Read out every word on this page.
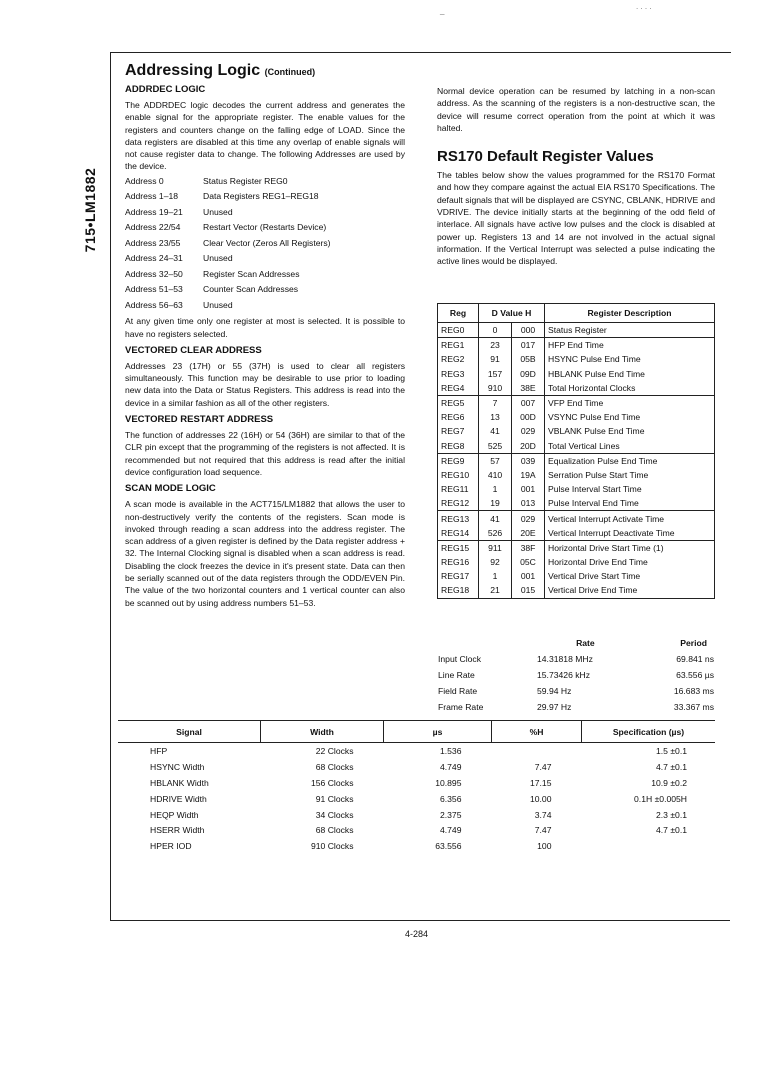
_	. . . .
715•LM1882
Addressing Logic (Continued)

ADDRDEC LOGIC

The ADDRDEC logic decodes the current address and generates the enable signal for the appropriate register. The enable values for the registers and counters change on the falling edge of LOAD. Since the data registers are disabled at this time any overlap of enable signals will not cause register data to change. The following Addresses are used by the device.

Address 0	Status Register REG0
Address 1–18	Data Registers REG1–REG18
Address 19–21	Unused
Address 22/54	Restart Vector (Restarts Device)
Address 23/55	Clear Vector (Zeros All Registers)
Address 24–31	Unused
Address 32–50	Register Scan Addresses
Address 51–53	Counter Scan Addresses
Address 56–63	Unused

At any given time only one register at most is selected. It is possible to have no registers selected.

VECTORED CLEAR ADDRESS

Addresses 23 (17H) or 55 (37H) is used to clear all registers simultaneously. This function may be desirable to use prior to loading new data into the Data or Status Registers. This address is read into the device in a similar fashion as all of the other registers.

VECTORED RESTART ADDRESS

The function of addresses 22 (16H) or 54 (36H) are similar to that of the CLR pin except that the programming of the registers is not affected. It is recommended but not required that this address is read after the initial device configuration load sequence.

SCAN MODE LOGIC

A scan mode is available in the ACT715/LM1882 that allows the user to non-destructively verify the contents of the registers. Scan mode is invoked through reading a scan address into the address register. The scan address of a given register is defined by the Data register address + 32. The Internal Clocking signal is disabled when a scan address is read. Disabling the clock freezes the device in it's present state. Data can then be serially scanned out of the data registers through the ODD/EVEN Pin. The value of the two horizontal counters and 1 vertical counter can also be scanned out by using address numbers 51–53.

Normal device operation can be resumed by latching in a non-scan address. As the scanning of the registers is a non-destructive scan, the device will resume correct operation from the point at which it was halted.

RS170 Default Register Values

The tables below show the values programmed for the RS170 Format and how they compare against the actual EIA RS170 Specifications. The default signals that will be displayed are CSYNC, CBLANK, HDRIVE and VDRIVE. The device initially starts at the beginning of the odd field of interlace. All signals have active low pulses and the clock is disabled at power up. Registers 13 and 14 are not involved in the actual signal information. If the Vertical Interrupt was selected a pulse indicating the active lines would be displayed.

Reg	D Value H		Register Description
REG0	0	000	Status Register
REG1	23	017	HFP End Time
REG2	91	05B	HSYNC Pulse End Time
REG3	157	09D	HBLANK Pulse End Time
REG4	910	38E	Total Horizontal Clocks
REG5	7	007	VFP End Time
REG6	13	00D	VSYNC Pulse End Time
REG7	41	029	VBLANK Pulse End Time
REG8	525	20D	Total Vertical Lines
REG9	57	039	Equalization Pulse End Time
REG10	410	19A	Serration Pulse Start Time
REG11	1	001	Pulse Interval Start Time
REG12	19	013	Pulse Interval End Time
REG13	41	029	Vertical Interrupt Activate Time
REG14	526	20E	Vertical Interrupt Deactivate Time
REG15	911	38F	Horizontal Drive Start Time (1)
REG16	92	05C	Horizontal Drive End Time
REG17	1	001	Vertical Drive Start Time
REG18	21	015	Vertical Drive End Time
	Rate	Period
Input Clock	14.31818 MHz	69.841 ns
Line Rate	15.73426 kHz	63.556 µs
Field Rate	59.94 Hz	16.683 ms
Frame Rate	29.97 Hz	33.367 ms
Signal	Width	µs	%H	Specification (µs)
HFP	22 Clocks	1.536		1.5 ±0.1
HSYNC Width	68 Clocks	4.749	7.47	4.7 ±0.1
HBLANK Width	156 Clocks	10.895	17.15	10.9 ±0.2
HDRIVE Width	91 Clocks	6.356	10.00	0.1H ±0.005H
HEQP Width	34 Clocks	2.375	3.74	2.3 ±0.1
HSERR Width	68 Clocks	4.749	7.47	4.7 ±0.1
HPER IOD	910 Clocks	63.556	100	
4-284
